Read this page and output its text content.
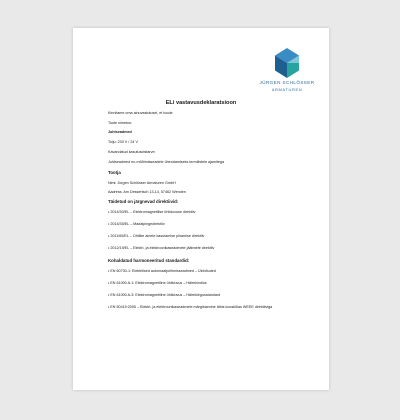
JÜRGEN SCHLÖSSER
ARMATUREN
ELi vastavusdeklaratsioon
Kinnitame oma ainuvastutusel, et toode
Toote nimetus:
Juhtseadmed
Toiju: 230 V / 24 V
Kavandatud kasutusotstarve:
Juhtseadmed nn-mõõtmisseadete ühendamiseks termilistele ajamitega
Tootja
Nimi: Jürgen Schlösser Armaturen GmbH
Aadress: Am Dessertsch 13-14, 57462 Wenden
Täidetud on järgnevad direktiivid:
• 2014/30/EL – Elektromagnetilise ühilduvuse direktiiv
• 2014/35/EL – Madalpingedirektiiv
• 2011/65/EL – Ohtlike ainete kasutamise piiramise direktiiv
• 2012/19/EL – Elektri- ja elektroonikaseadmete jäätmete direktiiv
Kohaldatud harmoneeritud standardid:
• EN 60730-1: Elektrilised automaatjuhtimisseadmed – Üldnõuded
• EN 61000-6-1: Elektromagnetiline ühilduvus – Häirekindlus
• EN 61000-6-3: Elektromagnetiline ühilduvus – Häirekiirgusstandard
• EN 50419:2005 – Elektri- ja elektroonikaseadmete märgistamine tähis kooskõlas WEEE direktiiviga
